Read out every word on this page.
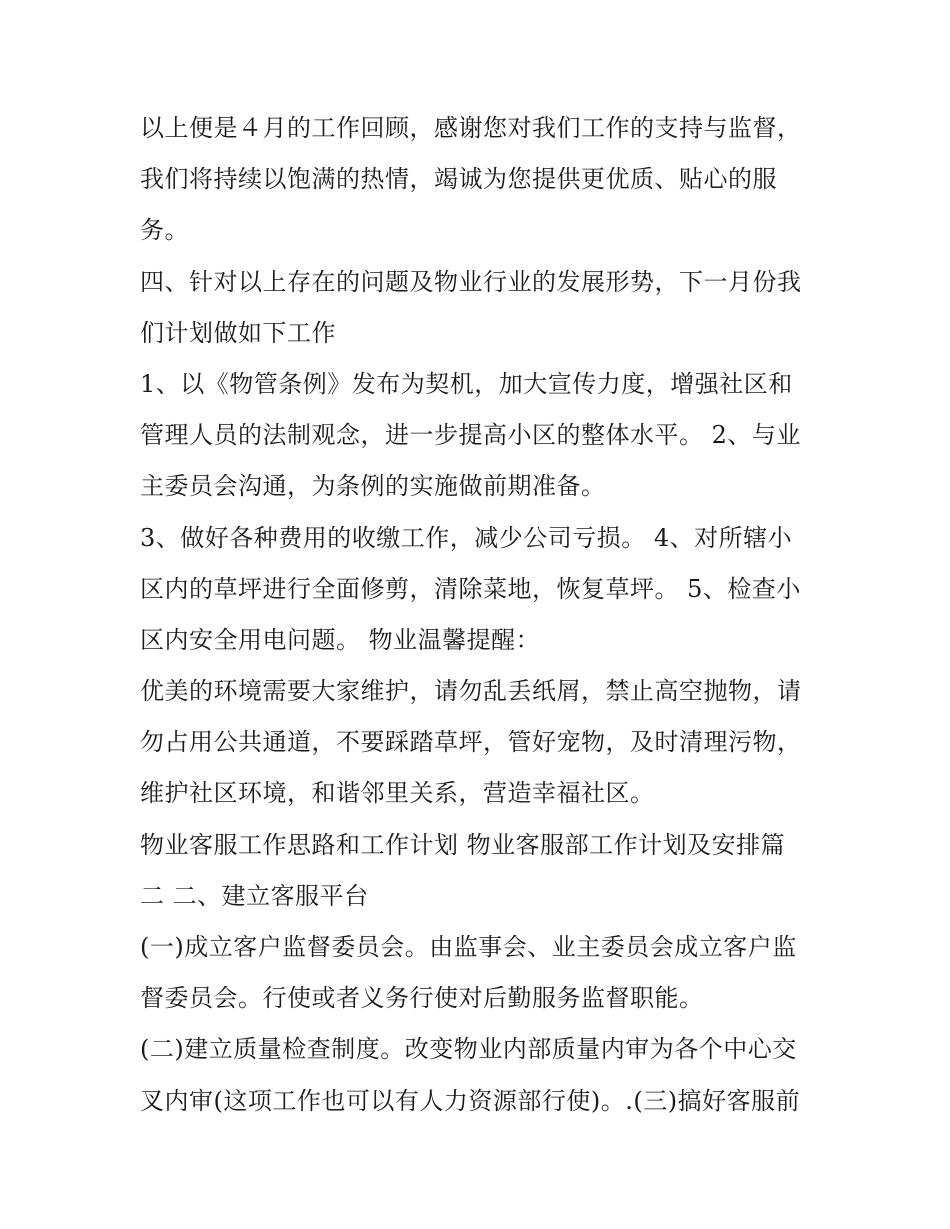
以上便是４月的工作回顾，感谢您对我们工作的支持与监督，
我们将持续以饱满的热情，竭诚为您提供更优质、贴心的服
务。
四、针对以上存在的问题及物业行业的发展形势，下一月份我
们计划做如下工作
1、以《物管条例》发布为契机，加大宣传力度，增强社区和
管理人员的法制观念，进一步提高小区的整体水平。 2、与业
主委员会沟通，为条例的实施做前期准备。
3、做好各种费用的收缴工作，减少公司亏损。 4、对所辖小
区内的草坪进行全面修剪，清除菜地，恢复草坪。 5、检查小
区内安全用电问题。 物业温馨提醒：
优美的环境需要大家维护，请勿乱丢纸屑，禁止高空抛物，请
勿占用公共通道，不要踩踏草坪，管好宠物，及时清理污物，
维护社区环境，和谐邻里关系，营造幸福社区。
物业客服工作思路和工作计划 物业客服部工作计划及安排篇
二 二、建立客服平台
(一)成立客户监督委员会。由监事会、业主委员会成立客户监
督委员会。行使或者义务行使对后勤服务监督职能。
(二)建立质量检查制度。改变物业内部质量内审为各个中心交
叉内审(这项工作也可以有人力资源部行使)。.(三)搞好客服前
